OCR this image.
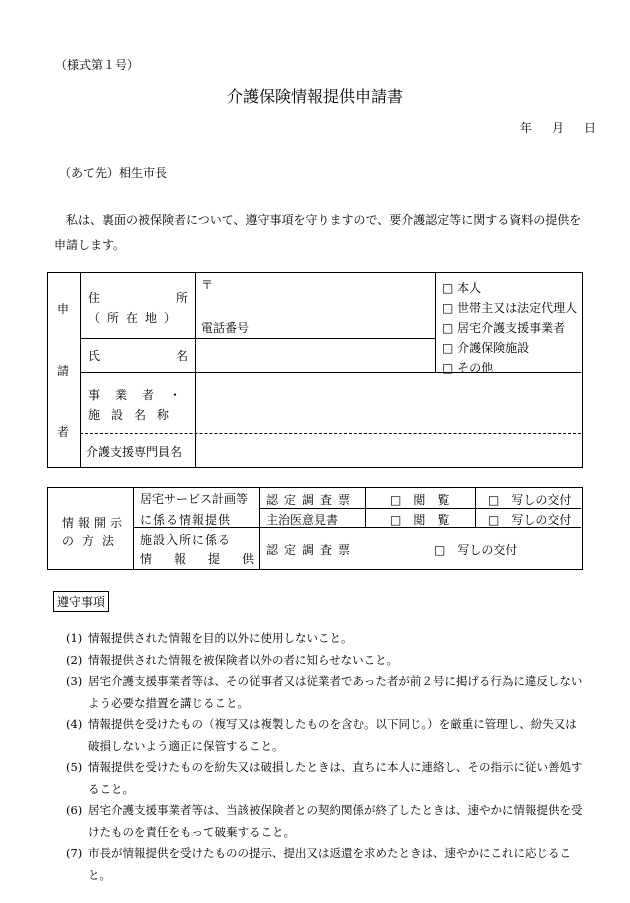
（様式第１号）
介護保険情報提供申請書
年 月 日
（あて先）相生市長
私は、裏面の被保険者について、遵守事項を守りますので、要介護認定等に関する資料の提供を申請します。
申
請
者
住所
（所在地）
〒
電話番号
氏名
事業者・
施設名称
介護支援専門員名
□ 本人
□ 世帯主又は法定代理人
□ 居宅介護支援事業者
□ 介護保険施設
□ その他
情報開示
の方法
居宅サービス計画等
に係る情報提供
施設入所に係る
情報提供
認定調査票
主治医意見書
認定調査票
□　 閲覧 □　 写しの交付
□　 閲覧 □　 写しの交付
□　 写しの交付
遵守事項
(1) 情報提供された情報を目的以外に使用しないこと。
(2) 情報提供された情報を被保険者以外の者に知らせないこと。
(3) 居宅介護支援事業者等は、その従事者又は従業者であった者が前２号に掲げる行為に違反しないよう必要な措置を講じること。
(4) 情報提供を受けたもの（複写又は複製したものを含む。以下同じ。）を厳重に管理し、紛失又は破損しないよう適正に保管すること。
(5) 情報提供を受けたものを紛失又は破損したときは、直ちに本人に連絡し、その指示に従い善処すること。
(6) 居宅介護支援事業者等は、当該被保険者との契約関係が終了したときは、速やかに情報提供を受けたものを責任をもって破棄すること。
(7) 市長が情報提供を受けたものの提示、提出又は返還を求めたときは、速やかにこれに応じること。
